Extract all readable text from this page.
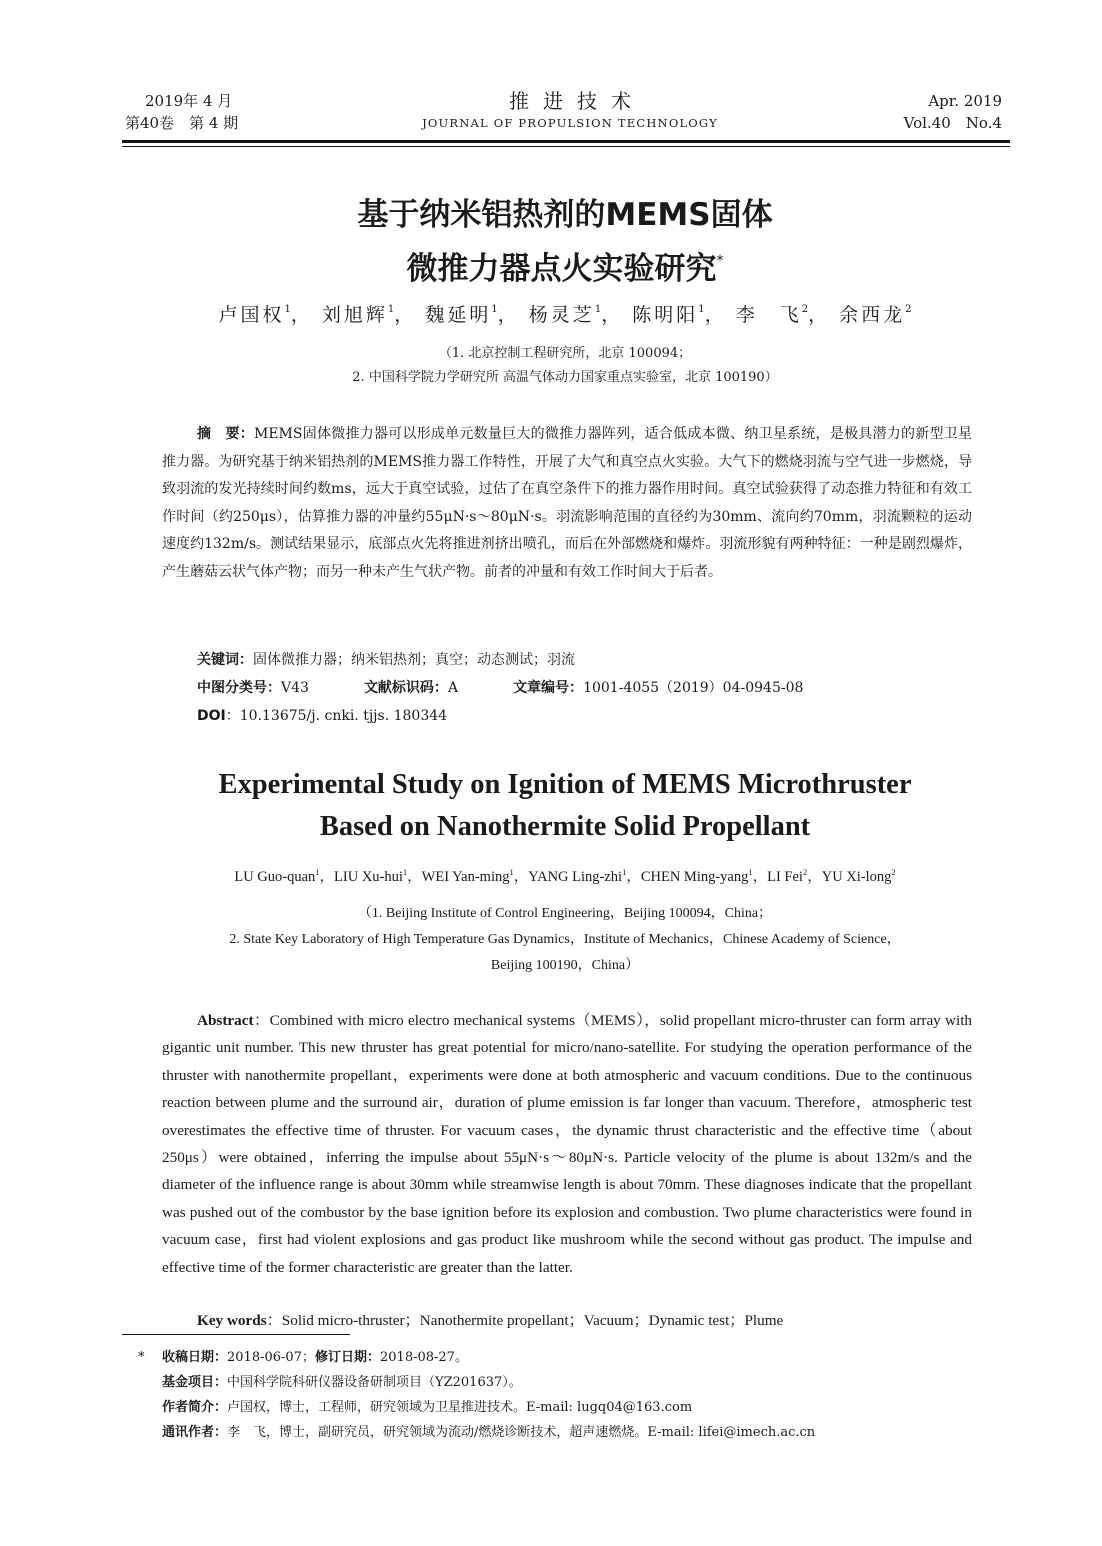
2019年 4 月
第40卷　第 4 期
推进技术
JOURNAL OF PROPULSION TECHNOLOGY
Apr. 2019
Vol.40　No.4
基于纳米铝热剂的MEMS固体
微推力器点火实验研究*
卢国权$^1$， 刘旭辉$^1$， 魏延明$^1$， 杨灵芝$^1$， 陈明阳$^1$， 李　飞$^2$， 余西龙$^2$
（1. 北京控制工程研究所，北京 100094；
2. 中国科学院力学研究所 高温气体动力国家重点实验室，北京 100190）
摘　要：MEMS固体微推力器可以形成单元数量巨大的微推力器阵列，适合低成本微、纳卫星系统，是极具潜力的新型卫星推力器。为研究基于纳米铝热剂的MEMS推力器工作特性，开展了大气和真空点火实验。大气下的燃烧羽流与空气进一步燃烧，导致羽流的发光持续时间约数ms，远大于真空试验，过估了在真空条件下的推力器作用时间。真空试验获得了动态推力特征和有效工作时间（约250μs），估算推力器的冲量约55μN·s～80μN·s。羽流影响范围的直径约为30mm、流向约70mm，羽流颗粒的运动速度约132m/s。测试结果显示，底部点火先将推进剂挤出喷孔，而后在外部燃烧和爆炸。羽流形貌有两种特征：一种是剧烈爆炸，产生蘑菇云状气体产物；而另一种未产生气状产物。前者的冲量和有效工作时间大于后者。
关键词：固体微推力器；纳米铝热剂；真空；动态测试；羽流
中图分类号：V43	文献标识码：A	文章编号：1001-4055（2019）04-0945-08
DOI：10.13675/j. cnki. tjjs. 180344
Experimental Study on Ignition of MEMS Microthruster
Based on Nanothermite Solid Propellant
LU Guo-quan$^1$，LIU Xu-hui$^1$，WEI Yan-ming$^1$，YANG Ling-zhi$^1$，CHEN Ming-yang$^1$，LI Fei$^2$，YU Xi-long$^2$
（1. Beijing Institute of Control Engineering，Beijing 100094，China；
2. State Key Laboratory of High Temperature Gas Dynamics，Institute of Mechanics，Chinese Academy of Science，
Beijing 100190，China）
Abstract：Combined with micro electro mechanical systems（MEMS），solid propellant micro-thruster can form array with gigantic unit number. This new thruster has great potential for micro/nano-satellite. For studying the operation performance of the thruster with nanothermite propellant，experiments were done at both atmospheric and vacuum conditions. Due to the continuous reaction between plume and the surround air，duration of plume emission is far longer than vacuum. Therefore，atmospheric test overestimates the effective time of thruster. For vacuum cases，the dynamic thrust characteristic and the effective time（about 250μs）were obtained，inferring the impulse about 55μN·s～80μN·s. Particle velocity of the plume is about 132m/s and the diameter of the influence range is about 30mm while streamwise length is about 70mm. These diagnoses indicate that the propellant was pushed out of the combustor by the base ignition before its explosion and combustion. Two plume characteristics were found in vacuum case，first had violent explosions and gas product like mushroom while the second without gas product. The impulse and effective time of the former characteristic are greater than the latter.
Key words：Solid micro-thruster；Nanothermite propellant；Vacuum；Dynamic test；Plume
* 收稿日期：2018-06-07；修订日期：2018-08-27。
基金项目：中国科学院科研仪器设备研制项目（YZ201637）。
作者简介：卢国权，博士，工程师，研究领域为卫星推进技术。E-mail: lugq04@163.com
通讯作者：李　飞，博士，副研究员，研究领域为流动/燃烧诊断技术，超声速燃烧。E-mail: lifei@imech.ac.cn
